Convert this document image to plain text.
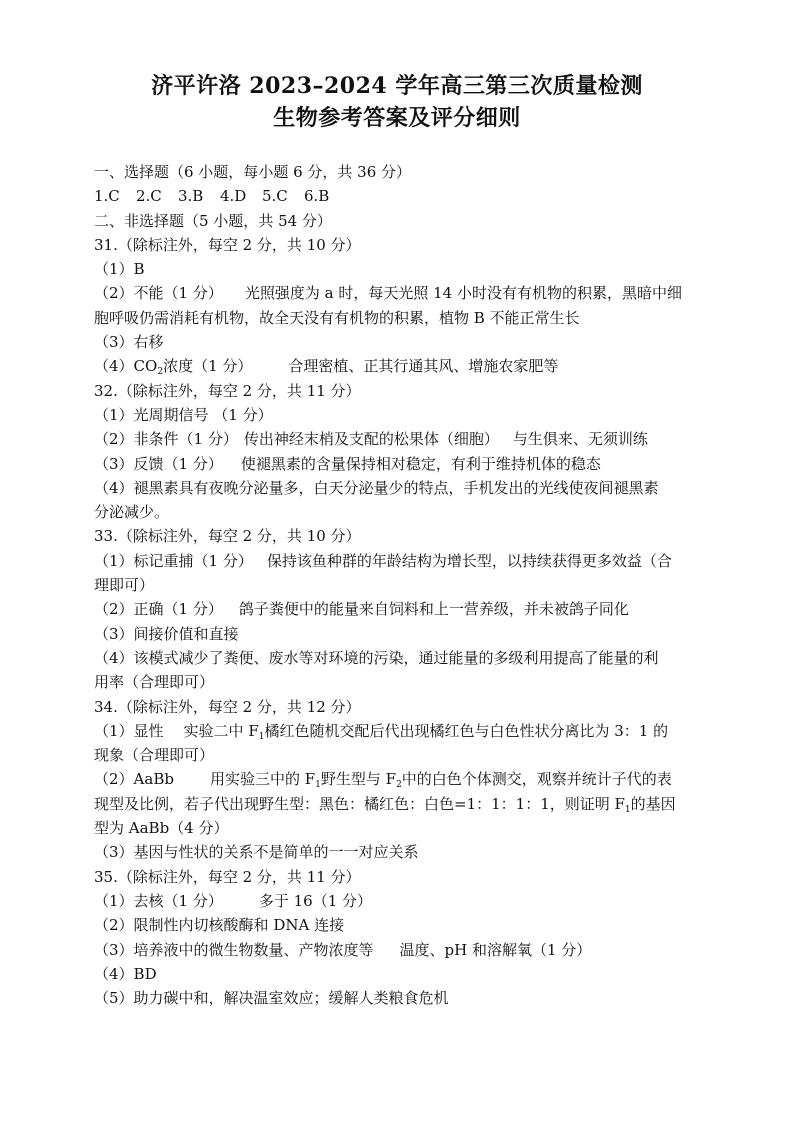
济平许洛 2023–2024 学年高三第三次质量检测
生物参考答案及评分细则
一、选择题（6 小题，每小题 6 分，共 36 分）
1.C 2.C 3.B 4.D 5.C 6.B
二、非选择题（5 小题，共 54 分）
31.（除标注外，每空 2 分，共 10 分）
（1）B
（2）不能（1 分） 光照强度为 a 时，每天光照 14 小时没有有机物的积累，黑暗中细
胞呼吸仍需消耗有机物，故全天没有有机物的积累，植物 B 不能正常生长
（3）右移
$(4)CO_2$浓度（1 分） 合理密植、正其行通其风、增施农家肥等
32.（除标注外，每空 2 分，共 11 分）
（1）光周期信号 （1 分）
（2）非条件（1 分） 传出神经末梢及支配的松果体（细胞） 与生俱来、无须训练
（3）反馈（1 分） 使褪黑素的含量保持相对稳定，有利于维持机体的稳态
（4）褪黑素具有夜晚分泌量多，白天分泌量少的特点，手机发出的光线使夜间褪黑素
分泌减少。
33.（除标注外，每空 2 分，共 10 分）
（1）标记重捕（1 分） 保持该鱼种群的年龄结构为增长型，以持续获得更多效益（合
理即可）
（2）正确（1 分） 鸽子粪便中的能量来自饲料和上一营养级，并未被鸽子同化
（3）间接价值和直接
（4）该模式减少了粪便、废水等对环境的污染，通过能量的多级利用提高了能量的利
用率（合理即可）
34.（除标注外，每空 2 分，共 12 分）
（1）显性 实验二中 $F_1$橘红色随机交配后代出现橘红色与白色性状分离比为 3：1 的
现象（合理即可）
（2）AaBb 用实验三中的 $F_1$野生型与 $F_2$中的白色个体测交，观察并统计子代的表
现型及比例，若子代出现野生型：黑色：橘红色：白色=1：1：1：1，则证明 $F_1$的基因
型为 AaBb（4 分）
（3）基因与性状的关系不是简单的一一对应关系
35.（除标注外，每空 2 分，共 11 分）
（1）去核（1 分） 多于 16（1 分）
（2）限制性内切核酸酶和 DNA 连接
（3）培养液中的微生物数量、产物浓度等 温度、pH 和溶解氧（1 分）
（4）BD
（5）助力碳中和，解决温室效应；缓解人类粮食危机
